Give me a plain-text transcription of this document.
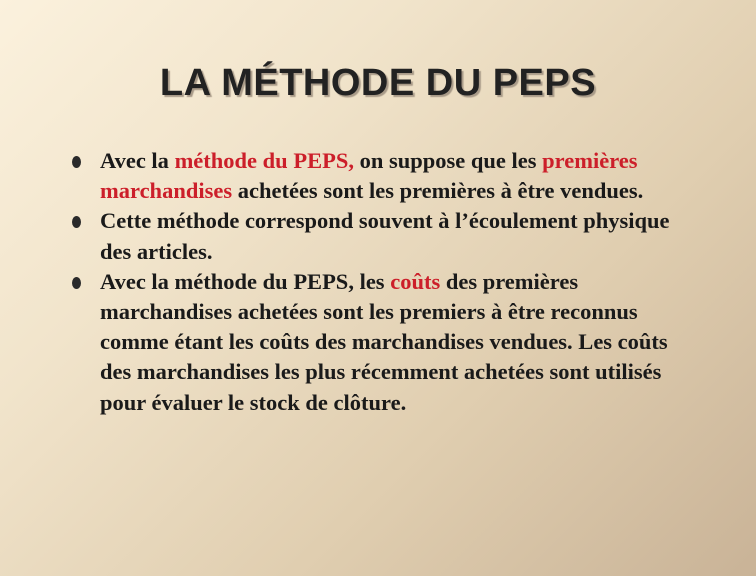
LA MÉTHODE DU PEPS
Avec la méthode du PEPS, on suppose que les premières marchandises achetées sont les premières à être vendues.
Cette méthode correspond souvent à l’écoulement physique des articles.
Avec la méthode du PEPS, les coûts des premières marchandises achetées sont les premiers à être reconnus comme étant les coûts des marchandises vendues. Les coûts des marchandises les plus récemment achetées sont utilisés pour évaluer le stock de clôture.
